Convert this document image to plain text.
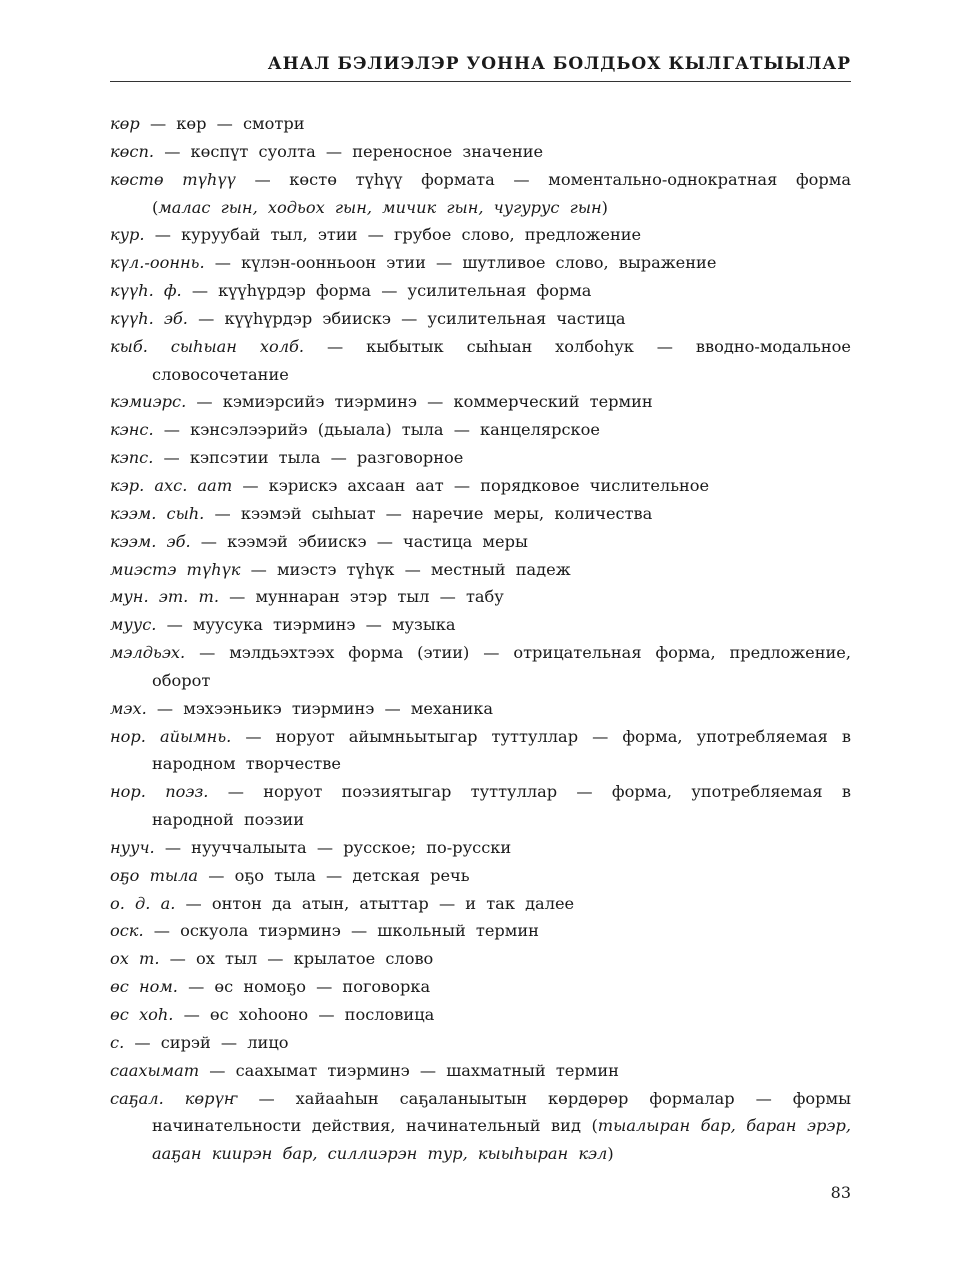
АНАЛ БЭЛИЭЛЭР УОННА БОЛДЬОХ КЫЛГАТЫЫЛАР
көр — көр — смотри
көсп. — көспүт суолта — переносное значение
көстө түһүү — көстө түһүү формата — моментально-однократная форма (малас гын, ходьох гын, мичик гын, чугурус гын)
кур. — куруубай тыл, этии — грубое слово, предложение
күл.-ооннь. — күлэн-оонньоон этии — шутливое слово, выражение
күүһ. ф. — күүһүрдэр форма — усилительная форма
күүһ. эб. — күүһүрдэр эбиискэ — усилительная частица
кыб. сыһыан холб. — кыбытык сыһыан холбоһук — вводно-модальное словосочетание
кэмиэрс. — кэмиэрсийэ тиэрминэ — коммерческий термин
кэнс. — кэнсэлээрийэ (дьыала) тыла — канцелярское
кэпс. — кэпсэтии тыла — разговорное
кэр. ахс. аат — кэрискэ ахсаан аат — порядковое числительное
кээм. сыһ. — кээмэй сыһыат — наречие меры, количества
кээм. эб. — кээмэй эбиискэ — частица меры
миэстэ түһүк — миэстэ түһүк — местный падеж
мун. эт. т. — муннаран этэр тыл — табу
муус. — муусука тиэрминэ — музыка
мэлдьэх. — мэлдьэхтээх форма (этии) — отрицательная форма, предложение, оборот
мэх. — мэхээньикэ тиэрминэ — механика
нор. айымнь. — норуот айымньытыгар туттуллар — форма, употребляемая в народном творчестве
нор. поэз. — норуот поэзиятыгар туттуллар — форма, употребляемая в народной поэзии
нууч. — нууччалыыта — русское; по-русски
оҕо тыла — оҕо тыла — детская речь
о. д. а. — онтон да атын, атыттар — и так далее
оск. — оскуола тиэрминэ — школьный термин
ох т. — ох тыл — крылатое слово
өс ном. — өс номоҕо — поговорка
өс хоһ. — өс хоһооно — пословица
с. — сирэй — лицо
саахымат — саахымат тиэрминэ — шахматный термин
саҕал. көрүҥ — хайааһын саҕаланыытын көрдөрөр формалар — формы начинательности действия, начинательный вид (тыалыран бар, баран эрэр, ааҕан киирэн бар, силлиэрэн тур, кыыһыран кэл)
83
